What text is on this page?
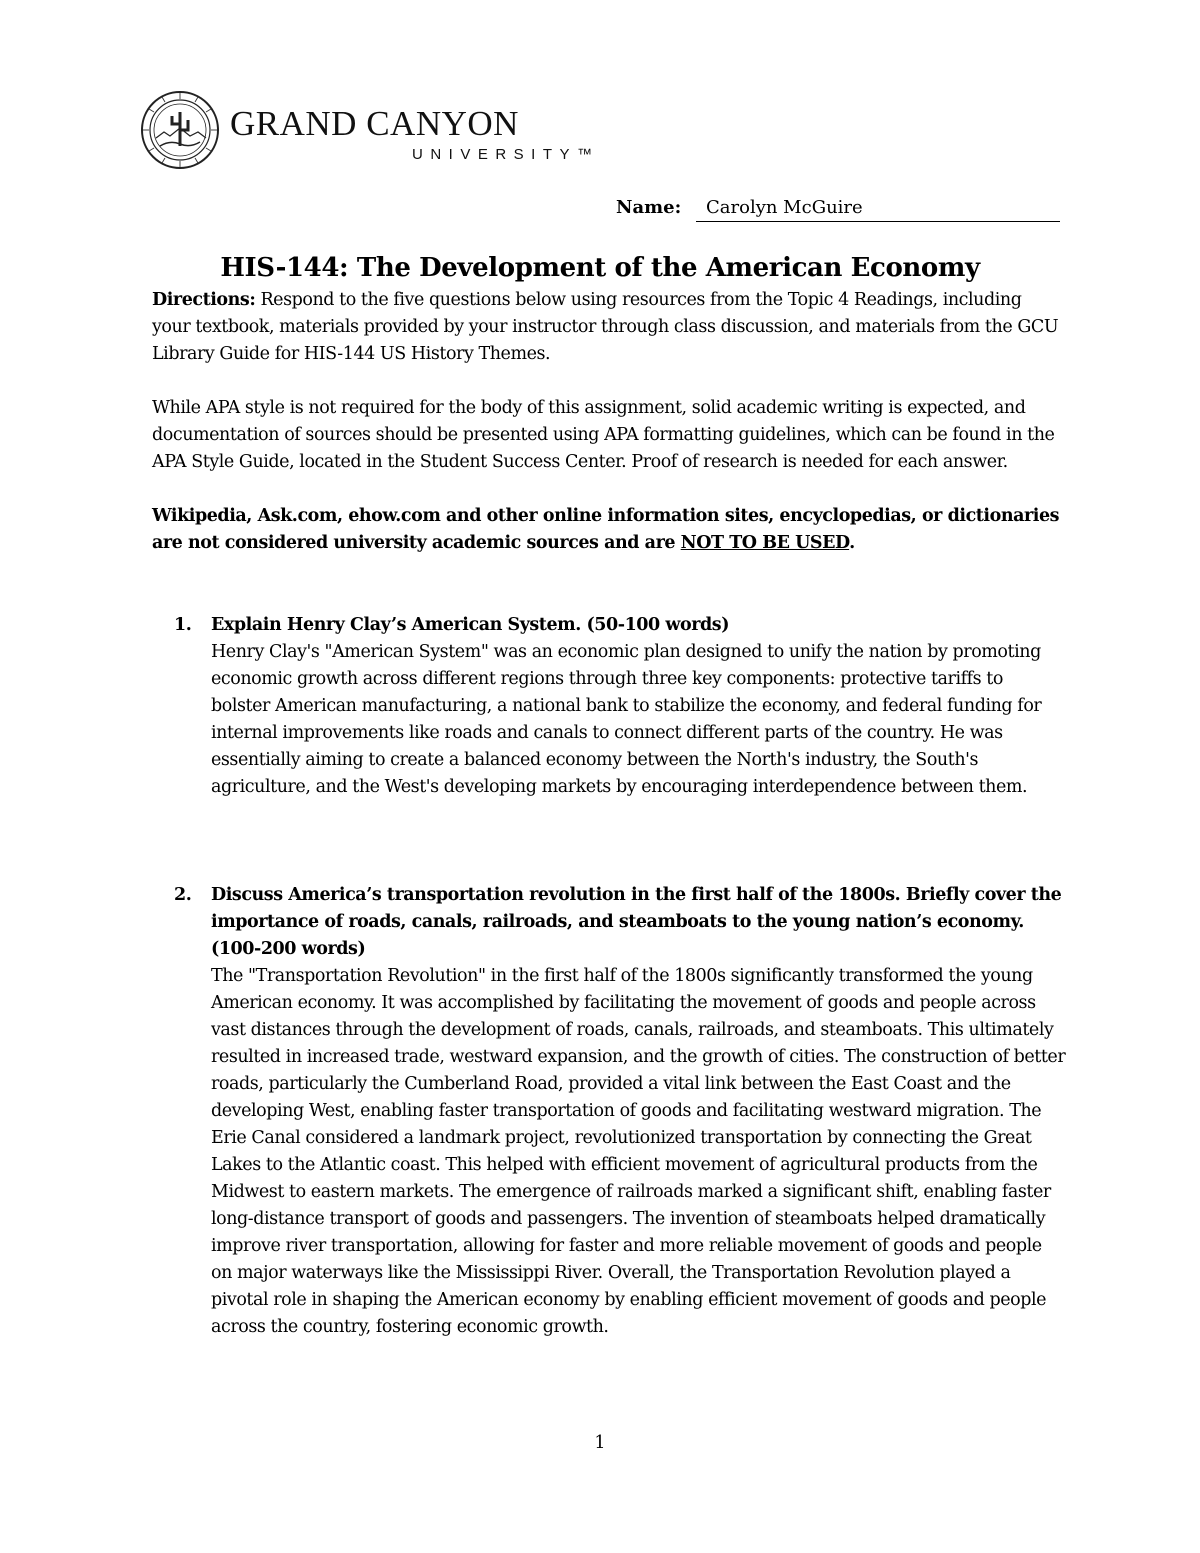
GRAND CANYON
UNIVERSITY™
Name: Carolyn McGuire
HIS-144: The Development of the American Economy

Directions: Respond to the five questions below using resources from the Topic 4 Readings, including your textbook, materials provided by your instructor through class discussion, and materials from the GCU Library Guide for HIS-144 US History Themes.

While APA style is not required for the body of this assignment, solid academic writing is expected, and documentation of sources should be presented using APA formatting guidelines, which can be found in the APA Style Guide, located in the Student Success Center. Proof of research is needed for each answer.

Wikipedia, Ask.com, ehow.com and other online information sites, encyclopedias, or dictionaries are not considered university academic sources and are NOT TO BE USED.

1. Explain Henry Clay’s American System. (50-100 words)

Henry Clay's "American System" was an economic plan designed to unify the nation by promoting economic growth across different regions through three key components: protective tariffs to bolster American manufacturing, a national bank to stabilize the economy, and federal funding for internal improvements like roads and canals to connect different parts of the country. He was essentially aiming to create a balanced economy between the North's industry, the South's agriculture, and the West's developing markets by encouraging interdependence between them.

2. Discuss America’s transportation revolution in the first half of the 1800s. Briefly cover the importance of roads, canals, railroads, and steamboats to the young nation’s economy. (100-200 words)

The "Transportation Revolution" in the first half of the 1800s significantly transformed the young American economy. It was accomplished by facilitating the movement of goods and people across vast distances through the development of roads, canals, railroads, and steamboats. This ultimately resulted in increased trade, westward expansion, and the growth of cities. The construction of better roads, particularly the Cumberland Road, provided a vital link between the East Coast and the developing West, enabling faster transportation of goods and facilitating westward migration. The Erie Canal considered a landmark project, revolutionized transportation by connecting the Great Lakes to the Atlantic coast. This helped with efficient movement of agricultural products from the Midwest to eastern markets. The emergence of railroads marked a significant shift, enabling faster long-distance transport of goods and passengers. The invention of steamboats helped dramatically improve river transportation, allowing for faster and more reliable movement of goods and people on major waterways like the Mississippi River. Overall, the Transportation Revolution played a pivotal role in shaping the American economy by enabling efficient movement of goods and people across the country, fostering economic growth.

1
